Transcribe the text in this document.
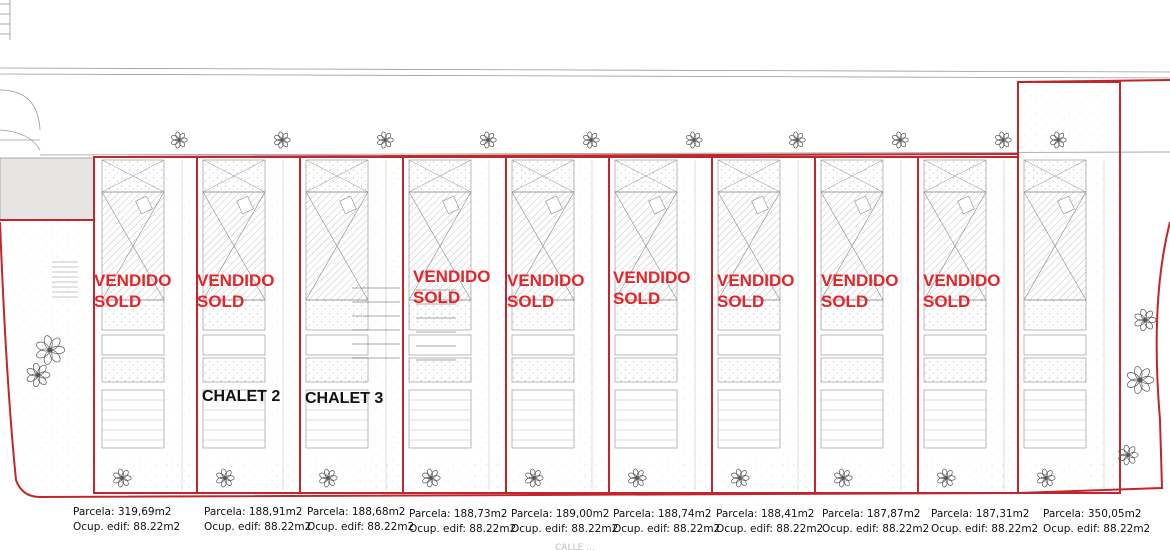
CALLE ...
Parcela: 319,69m2
Ocup. edif: 88.22m2
VENDIDO
SOLD
Parcela: 188,91m2
Ocup. edif: 88.22m2
CHALET 2
Parcela: 188,68m2
Ocup. edif: 88.22m2
CHALET 3
Parcela: 188,73m2
Ocup. edif: 88.22m2
VENDIDO
SOLD
Parcela: 189,00m2
Ocup. edif: 88.22m2
VENDIDO
SOLD
Parcela: 188,74m2
Ocup. edif: 88.22m2
VENDIDO
SOLD
Parcela: 188,41m2
Ocup. edif: 88.22m2
VENDIDO
SOLD
Parcela: 187,87m2
Ocup. edif: 88.22m2
VENDIDO
SOLD
Parcela: 187,31m2
Ocup. edif: 88.22m2
VENDIDO
SOLD
Parcela: 350,05m2
Ocup. edif: 88.22m2
VENDIDO
SOLD
